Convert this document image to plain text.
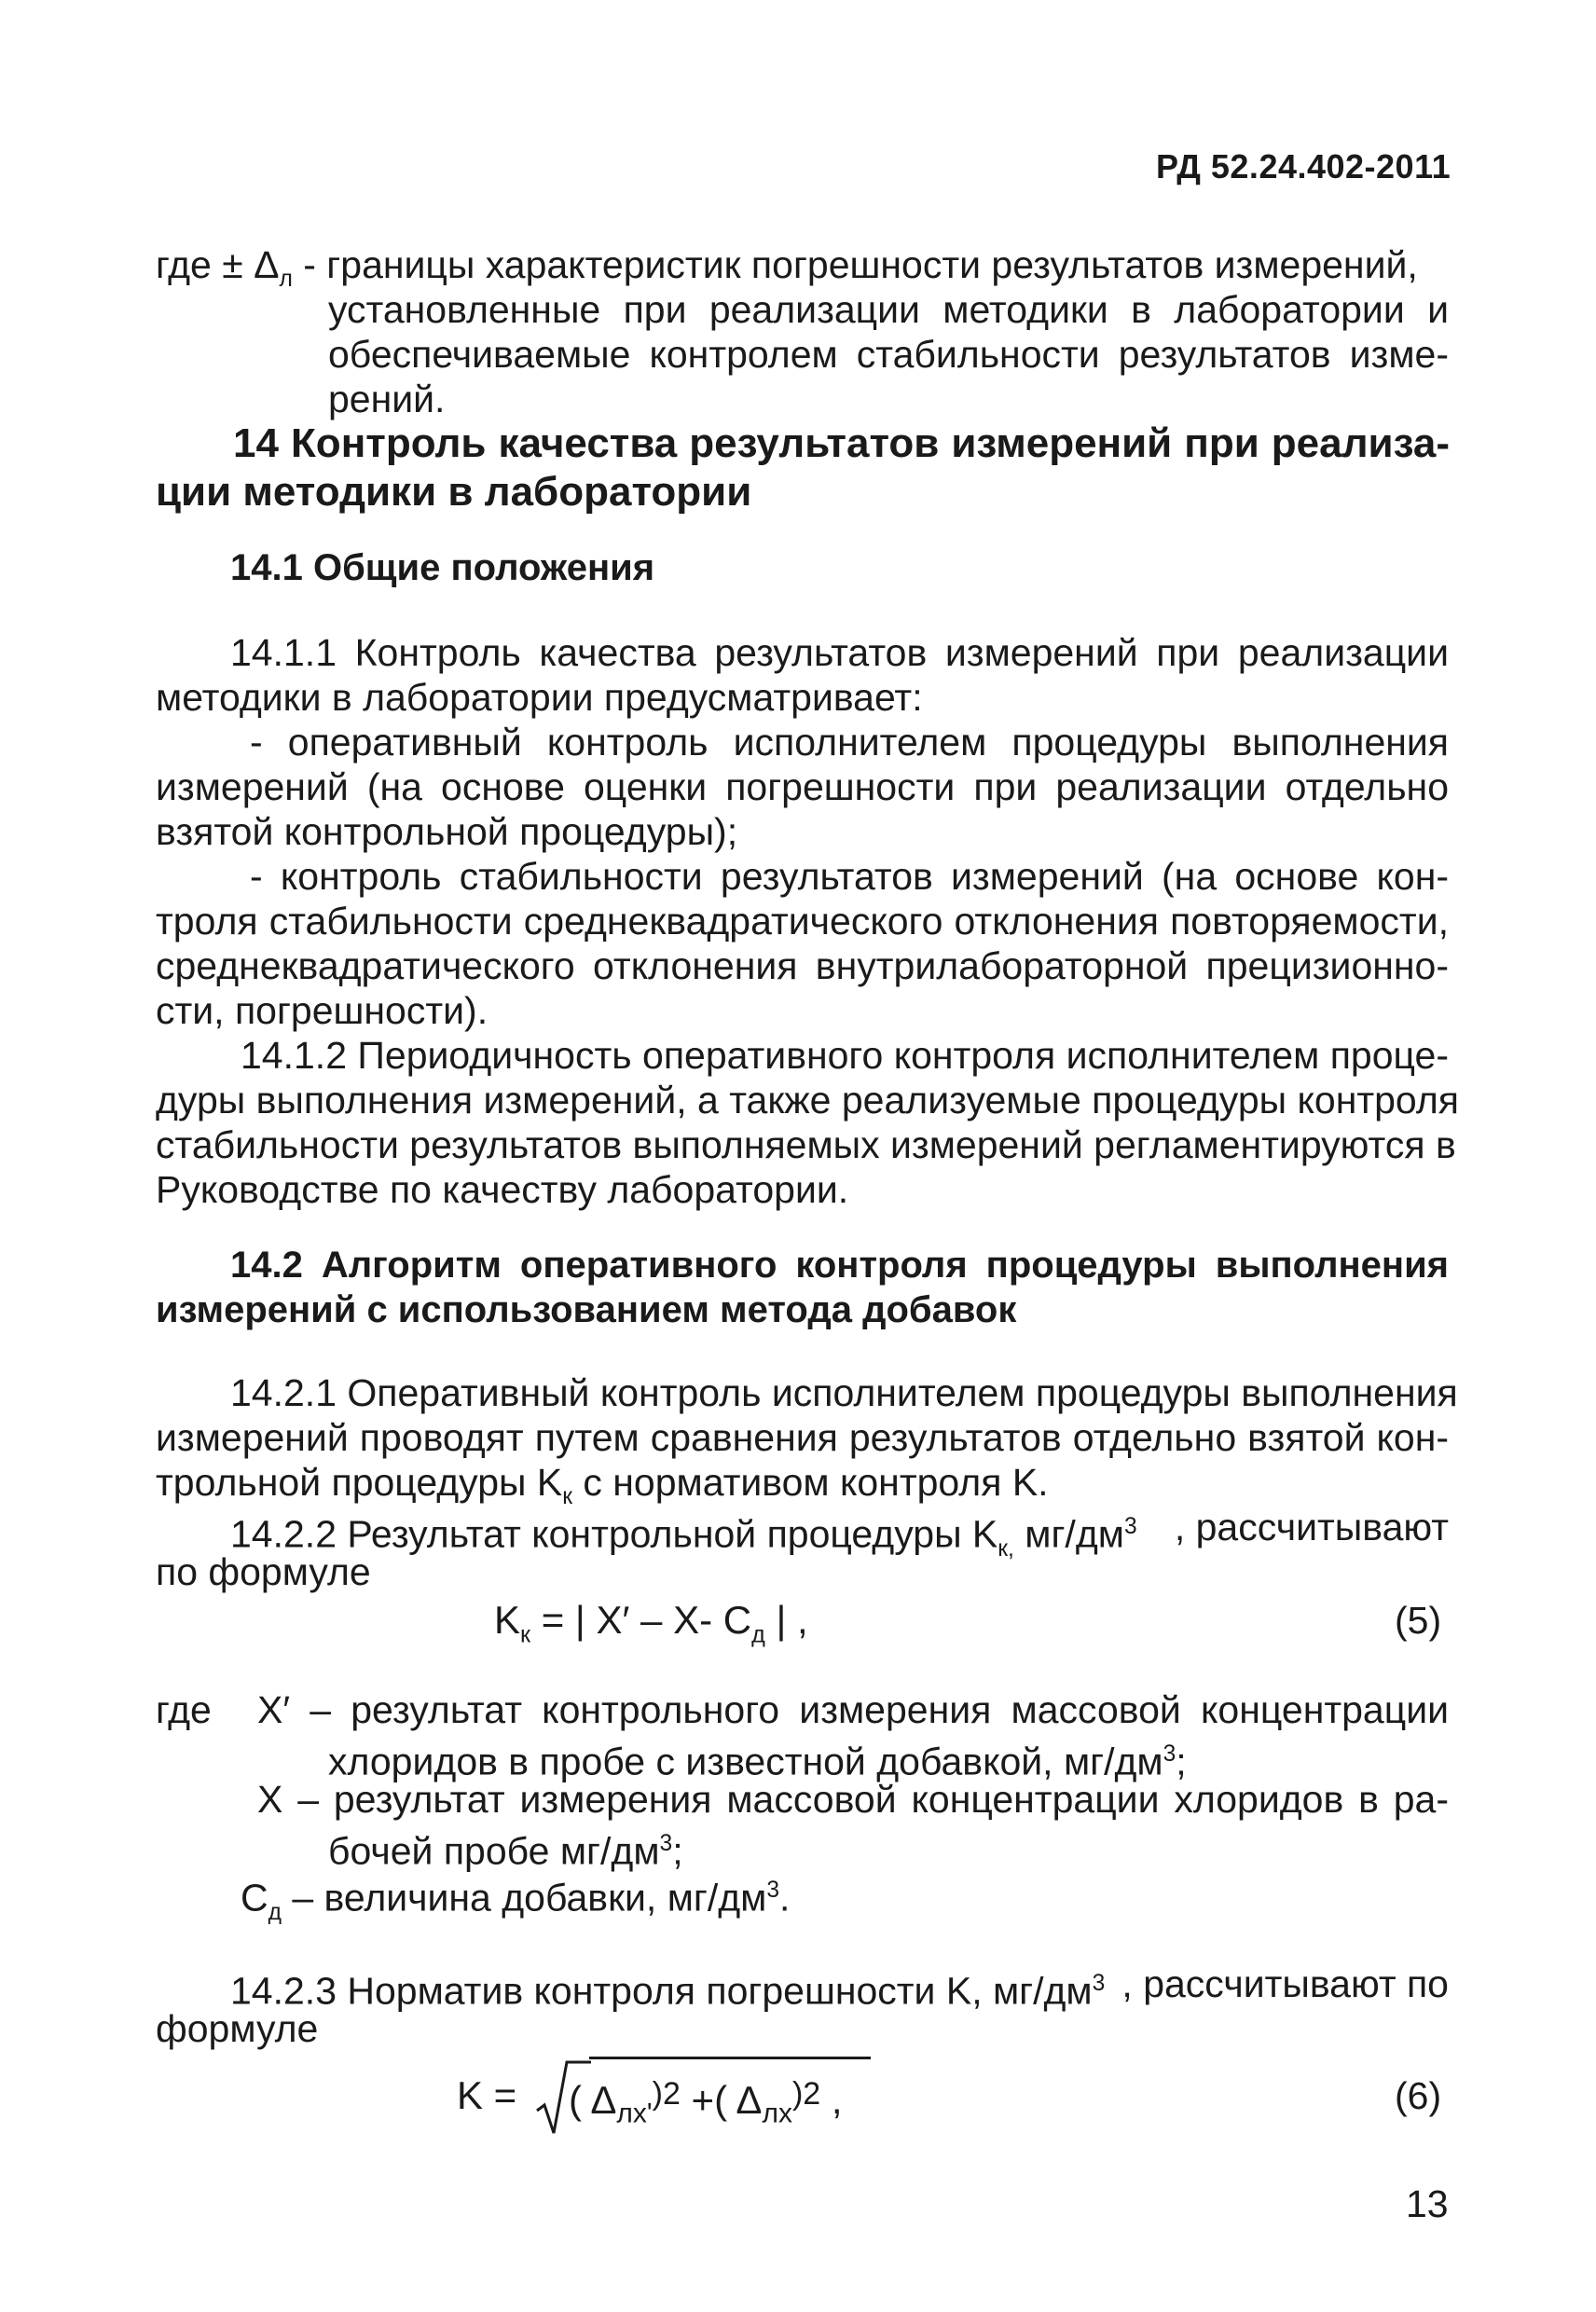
РД 52.24.402-2011
где ± $\Delta_л$ - границы характеристик погрешности результатов измерений,
установленные при реализации методики в лаборатории и
обеспечиваемые контролем стабильности результатов изме-
рений.
14 Контроль качества результатов измерений при реализа-
ции методики в лаборатории
14.1 Общие положения
14.1.1 Контроль качества результатов измерений при реализации
методики в лаборатории предусматривает:
- оперативный контроль исполнителем процедуры выполнения
измерений (на основе оценки погрешности при реализации отдельно
взятой контрольной процедуры);
- контроль стабильности результатов измерений (на основе кон-
троля стабильности среднеквадратического отклонения повторяемости,
среднеквадратического отклонения внутрилабораторной прецизионно-
сти, погрешности).
14.1.2 Периодичность оперативного контроля исполнителем проце-
дуры выполнения измерений, а также реализуемые процедуры контроля
стабильности результатов выполняемых измерений регламентируются в
Руководстве по качеству лаборатории.
14.2 Алгоритм оперативного контроля процедуры выполнения
измерений с использованием метода добавок
14.2.1 Оперативный контроль исполнителем процедуры выполнения
измерений проводят путем сравнения результатов отдельно взятой кон-
трольной процедуры $K_к$ с нормативом контроля K.
14.2.2 Результат контрольной процедуры $K_{к,}$ $мг/дм^3$ , рассчитывают
по формуле
$K_к$ = | X′ – X- $C_д$ | ,	(5)
где X′ – результат контрольного измерения массовой концентрации
хлоридов в пробе с известной добавкой, $мг/дм^3$;
X – результат измерения массовой концентрации хлоридов в ра-
бочей пробе $мг/дм^3$;
$C_д$ – величина добавки, $мг/дм^3$.
14.2.3 Норматив контроля погрешности K, $мг/дм^3$ , рассчитывают по
формуле
K = ( $\Delta_{лх'}^{)2}$ +( $\Delta_{лх}^{)2}$ ,	(6)
13
